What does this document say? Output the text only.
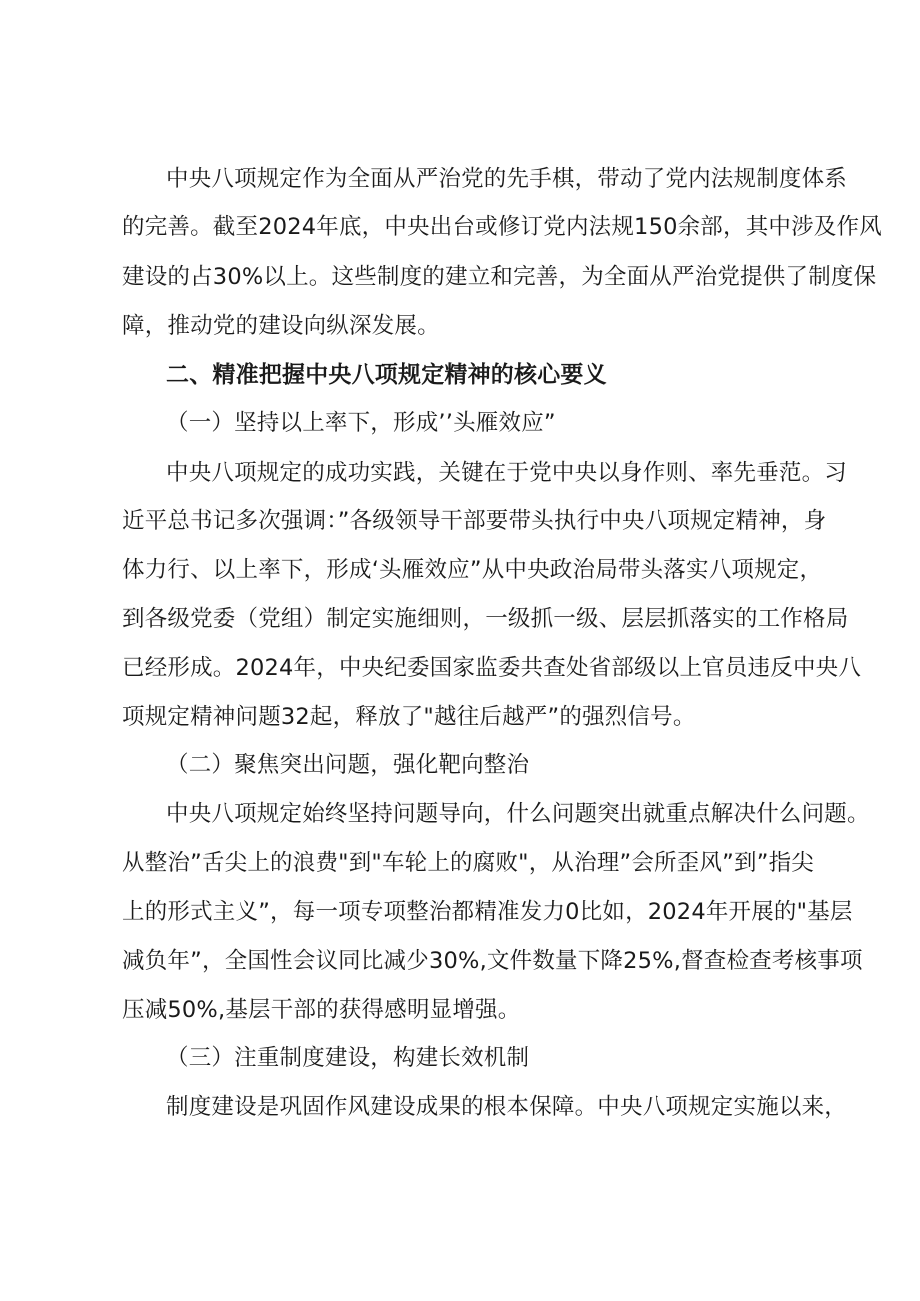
中央八项规定作为全面从严治党的先手棋，带动了党内法规制度体系
的完善。截至2024年底，中央出台或修订党内法规150余部，其中涉及作风
建设的占30%以上。这些制度的建立和完善，为全面从严治党提供了制度保
障，推动党的建设向纵深发展。
二、精准把握中央八项规定精神的核心要义
（一）坚持以上率下，形成’’头雁效应”
中央八项规定的成功实践，关键在于党中央以身作则、率先垂范。习
近平总书记多次强调：”各级领导干部要带头执行中央八项规定精神，身
体力行、以上率下，形成‘头雁效应”从中央政治局带头落实八项规定，
到各级党委（党组）制定实施细则，一级抓一级、层层抓落实的工作格局
已经形成。2024年，中央纪委国家监委共查处省部级以上官员违反中央八
项规定精神问题32起，释放了"越往后越严”的强烈信号。
（二）聚焦突出问题，强化靶向整治
中央八项规定始终坚持问题导向，什么问题突出就重点解决什么问题。
从整治”舌尖上的浪费"到"车轮上的腐败"，从治理”会所歪风”到”指尖
上的形式主义”，每一项专项整治都精准发力0比如，2024年开展的"基层
减负年”，全国性会议同比减少30%,文件数量下降25%,督查检查考核事项
压减50%,基层干部的获得感明显增强。
（三）注重制度建设，构建长效机制
制度建设是巩固作风建设成果的根本保障。中央八项规定实施以来，
